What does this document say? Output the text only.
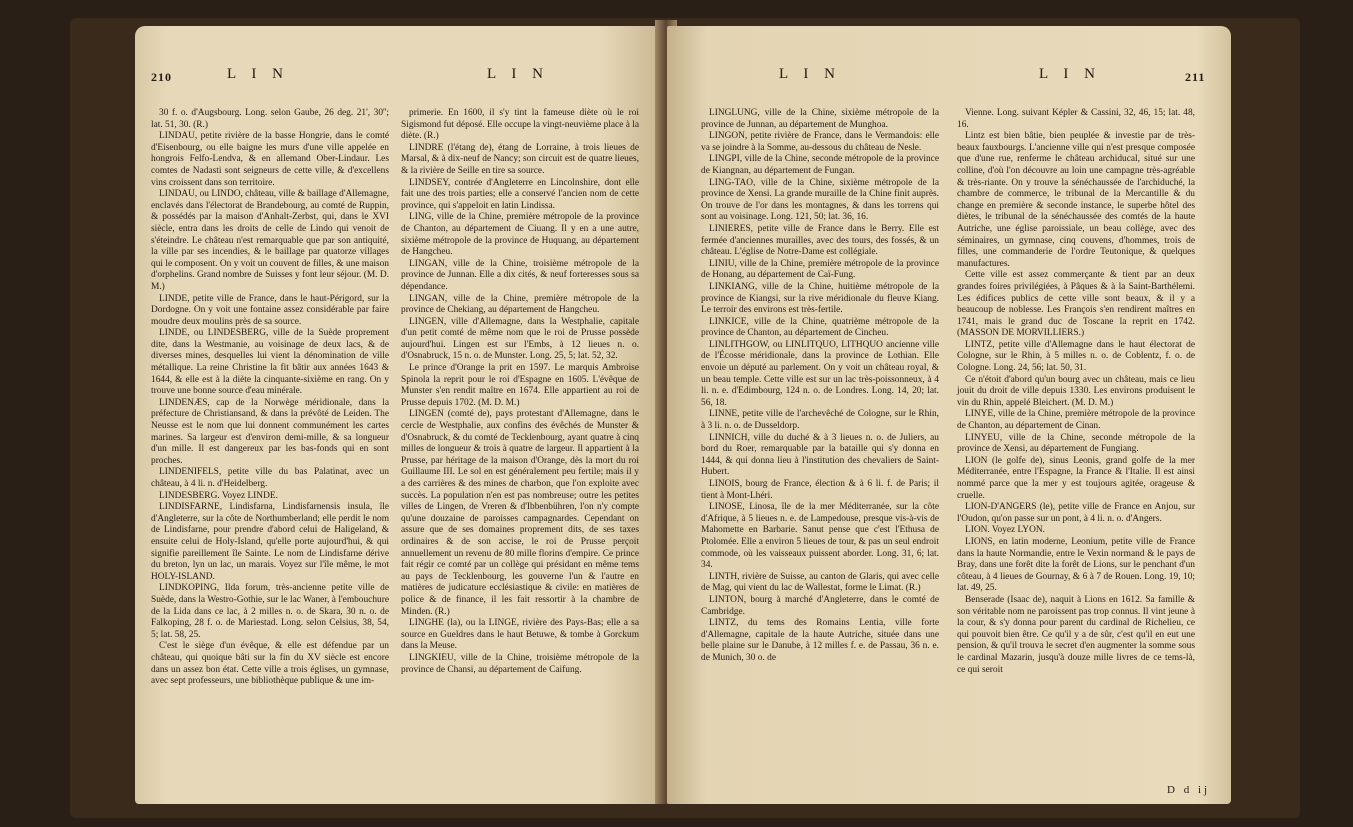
210	L I N	L I N

30 f. o. d'Augsbourg. Long. selon Gaube, 26 deg. 21', 30''; lat. 51, 30. (R.)

LINDAU, petite rivière de la basse Hongrie, dans le comté d'Eisenbourg, ou elle baigne les murs d'une ville appelée en hongrois Felfo-Lendva, & en allemand Ober-Lindaur. Les comtes de Nadasti sont seigneurs de cette ville, & d'excellens vins croissent dans son territoire.

LINDAU, ou LINDO, château, ville & baillage d'Allemagne, enclavés dans l'électorat de Brandebourg, au comté de Ruppin, & possédés par la maison d'Anhalt-Zerbst, qui, dans le XVI siècle, entra dans les droits de celle de Lindo qui venoit de s'éteindre. Le château n'est remarquable que par son antiquité, la ville par ses incendies, & le baillage par quatorze villages qui le composent. On y voit un couvent de filles, & une maison d'orphelins. Grand nombre de Suisses y font leur séjour. (M. D. M.)

LINDE, petite ville de France, dans le haut-Périgord, sur la Dordogne. On y voit une fontaine assez considérable par faire moudre deux moulins près de sa source.

LINDE, ou LINDESBERG, ville de la Suède proprement dite, dans la Westmanie, au voisinage de deux lacs, & de diverses mines, desquelles lui vient la dénomination de ville métallique. La reine Christine la fit bâtir aux années 1643 & 1644, & elle est à la diète la cinquante-sixième en rang. On y trouve une bonne source d'eau minérale.

LINDENÆS, cap de la Norwège méridionale, dans la préfecture de Christiansand, & dans la prévôté de Leiden. The Neusse est le nom que lui donnent communément les cartes marines. Sa largeur est d'environ demi-mille, & sa longueur d'un mille. Il est dangereux par les bas-fonds qui en sont proches.

LINDENIFELS, petite ville du bas Palatinat, avec un château, à 4 li. n. d'Heidelberg.

LINDESBERG. Voyez LINDE.

LINDISFARNE, Lindisfarna, Lindisfarnensis insula, île d'Angleterre, sur la côte de Northumberland; elle perdit le nom de Lindisfarne, pour prendre d'abord celui de Haligeland, & ensuite celui de Holy-Island, qu'elle porte aujourd'hui, & qui signifie pareillement île Sainte. Le nom de Lindisfarne dérive du breton, lyn un lac, un marais. Voyez sur l'île même, le mot HOLY-ISLAND.

LINDKOPING, Ilda forum, très-ancienne petite ville de Suède, dans la Westro-Gothie, sur le lac Waner, à l'embouchure de la Lida dans ce lac, à 2 milles n. o. de Skara, 30 n. o. de Falkoping, 28 f. o. de Mariestad. Long. selon Celsius, 38, 54, 5; lat. 58, 25.

C'est le siège d'un évêque, & elle est défendue par un château, qui quoique bâti sur la fin du XV siècle est encore dans un assez bon état. Cette ville a trois églises, un gymnase, avec sept professeurs, une bibliothèque publique & une im-

primerie. En 1600, il s'y tint la fameuse diète où le roi Sigismond fut déposé. Elle occupe la vingt-neuvième place à la diète. (R.)

LINDRE (l'étang de), étang de Lorraine, à trois lieues de Marsal, & à dix-neuf de Nancy; son circuit est de quatre lieues, & la rivière de Seille en tire sa source.

LINDSEY, contrée d'Angleterre en Lincolnshire, dont elle fait une des trois parties; elle a conservé l'ancien nom de cette province, qui s'appeloit en latin Lindissa.

LING, ville de la Chine, première métropole de la province de Chanton, au département de Ciuang. Il y en a une autre, sixième métropole de la province de Huquang, au département de Hangcheu.

LINGAN, ville de la Chine, troisième métropole de la province de Junnan. Elle a dix cités, & neuf forteresses sous sa dépendance.

LINGAN, ville de la Chine, première métropole de la province de Chekiang, au département de Hangcheu.

LINGEN, ville d'Allemagne, dans la Westphalie, capitale d'un petit comté de même nom que le roi de Prusse possède aujourd'hui. Lingen est sur l'Embs, à 12 lieues n. o. d'Osnabruck, 15 n. o. de Munster. Long. 25, 5; lat. 52, 32.

Le prince d'Orange la prit en 1597. Le marquis Ambroise Spinola la reprit pour le roi d'Espagne en 1605. L'évêque de Munster s'en rendit maître en 1674. Elle appartient au roi de Prusse depuis 1702. (M. D. M.)

LINGEN (comté de), pays protestant d'Allemagne, dans le cercle de Westphalie, aux confins des évêchés de Munster & d'Osnabruck, & du comté de Tecklenbourg, ayant quatre à cinq milles de longueur & trois à quatre de largeur. Il appartient à la Prusse, par héritage de la maison d'Orange, dès la mort du roi Guillaume III. Le sol en est généralement peu fertile; mais il y a des carrières & des mines de charbon, que l'on exploite avec succès. La population n'en est pas nombreuse; outre les petites villes de Lingen, de Vreren & d'Ibbenbühren, l'on n'y compte qu'une douzaine de paroisses campagnardes. Cependant on assure que de ses domaines proprement dits, de ses taxes ordinaires & de son accise, le roi de Prusse perçoit annuellement un revenu de 80 mille florins d'empire. Ce prince fait régir ce comté par un collège qui présidant en même tems au pays de Tecklenbourg, les gouverne l'un & l'autre en matières de judicature ecclésiastique & civile: en matières de police & de finance, il les fait ressortir à la chambre de Minden. (R.)

LINGHE (la), ou la LINGE, rivière des Pays-Bas; elle a sa source en Gueldres dans le haut Betuwe, & tombe à Gorckum dans la Meuse.

LINGKIEU, ville de la Chine, troisième métropole de la province de Chansi, au département de Caifung.

L I N	L I N	211

LINGLUNG, ville de la Chine, sixième métropole de la province de Junnan, au département de Munghoa.

LINGON, petite rivière de France, dans le Vermandois: elle va se joindre à la Somme, au-dessous du château de Nesle.

LINGPI, ville de la Chine, seconde métropole de la province de Kiangnan, au département de Fungan.

LING-TAO, ville de la Chine, sixième métropole de la province de Xensi. La grande muraille de la Chine finit auprès. On trouve de l'or dans les montagnes, & dans les torrens qui sont au voisinage. Long. 121, 50; lat. 36, 16.

LINIERES, petite ville de France dans le Berry. Elle est fermée d'anciennes murailles, avec des tours, des fossés, & un château. L'église de Notre-Dame est collégiale.

LINIU, ville de la Chine, première métropole de la province de Honang, au département de Caï-Fung.

LINKIANG, ville de la Chine, huitième métropole de la province de Kiangsi, sur la rive méridionale du fleuve Kiang. Le terroir des environs est très-fertile.

LINKICE, ville de la Chine, quatrième métropole de la province de Chanton, au département de Cincheu.

LINLITHGOW, ou LINLITQUO, LITHQUO ancienne ville de l'Écosse méridionale, dans la province de Lothian. Elle envoie un député au parlement. On y voit un château royal, & un beau temple. Cette ville est sur un lac très-poissonneux, à 4 li. n. e. d'Edimbourg, 124 n. o. de Londres. Long. 14, 20; lat. 56, 18.

LINNE, petite ville de l'archevêché de Cologne, sur le Rhin, à 3 li. n. o. de Dusseldorp.

LINNICH, ville du duché & à 3 lieues n. o. de Juliers, au bord du Roer, remarquable par la bataille qui s'y donna en 1444, & qui donna lieu à l'institution des chevaliers de Saint-Hubert.

LINOIS, bourg de France, élection & à 6 li. f. de Paris; il tient à Mont-Lhéri.

LINOSE, Linosa, île de la mer Méditerranée, sur la côte d'Afrique, à 5 lieues n. e. de Lampedouse, presque vis-à-vis de Mahomette en Barbarie. Sanut pense que c'est l'Ethusa de Ptolomée. Elle a environ 5 lieues de tour, & pas un seul endroit commode, où les vaisseaux puissent aborder. Long. 31, 6; lat. 34.

LINTH, rivière de Suisse, au canton de Glaris, qui avec celle de Mag, qui vient du lac de Wallestat, forme le Limat. (R.)

LINTON, bourg à marché d'Angleterre, dans le comté de Cambridge.

LINTZ, du tems des Romains Lentia, ville forte d'Allemagne, capitale de la haute Autriche, située dans une belle plaine sur le Danube, à 12 milles f. e. de Passau, 36 n. e. de Munich, 30 o. de

Vienne. Long. suivant Képler & Cassini, 32, 46, 15; lat. 48, 16.

Lintz est bien bâtie, bien peuplée & investie par de très-beaux fauxbourgs. L'ancienne ville qui n'est presque composée que d'une rue, renferme le château archiducal, situé sur une colline, d'où l'on découvre au loin une campagne très-agréable & très-riante. On y trouve la sénéchaussée de l'archiduché, la chambre de commerce, le tribunal de la Mercantille & du change en première & seconde instance, le superbe hôtel des diètes, le tribunal de la sénéchaussée des comtés de la haute Autriche, une église paroissiale, un beau collège, avec des séminaires, un gymnase, cinq couvens, d'hommes, trois de filles, une commanderie de l'ordre Teutonique, & quelques manufactures.

Cette ville est assez commerçante & tient par an deux grandes foires privilégiées, à Pâques & à la Saint-Barthélemi. Les édifices publics de cette ville sont beaux, & il y a beaucoup de noblesse. Les François s'en rendirent maîtres en 1741, mais le grand duc de Toscane la reprit en 1742. (MASSON DE MORVILLIERS.)

LINTZ, petite ville d'Allemagne dans le haut électorat de Cologne, sur le Rhin, à 5 milles n. o. de Coblentz, f. o. de Cologne. Long. 24, 56; lat. 50, 31.

Ce n'étoit d'abord qu'un bourg avec un château, mais ce lieu jouit du droit de ville depuis 1330. Les environs produisent le vin du Rhin, appelé Bleichert. (M. D. M.)

LINYE, ville de la Chine, première métropole de la province de Chanton, au département de Cinan.

LINYEU, ville de la Chine, seconde métropole de la province de Xensi, au département de Fungiang.

LION (le golfe de), sinus Leonis, grand golfe de la mer Méditerranée, entre l'Espagne, la France & l'Italie. Il est ainsi nommé parce que la mer y est toujours agitée, orageuse & cruelle.

LION-D'ANGERS (le), petite ville de France en Anjou, sur l'Oudon, qu'on passe sur un pont, à 4 li. n. o. d'Angers.

LION. Voyez LYON.

LIONS, en latin moderne, Leonium, petite ville de France dans la haute Normandie, entre le Vexin normand & le pays de Bray, dans une forêt dite la forêt de Lions, sur le penchant d'un côteau, à 4 lieues de Gournay, & 6 à 7 de Rouen. Long. 19, 10; lat. 49, 25.

Benserade (Isaac de), naquit à Lions en 1612. Sa famille & son véritable nom ne paroissent pas trop connus. Il vint jeune à la cour, & s'y donna pour parent du cardinal de Richelieu, ce qui pouvoit bien être. Ce qu'il y a de sûr, c'est qu'il en eut une pension, & qu'il trouva le secret d'en augmenter la somme sous le cardinal Mazarin, jusqu'à douze mille livres de ce tems-là, ce qui seroit

D d ij
